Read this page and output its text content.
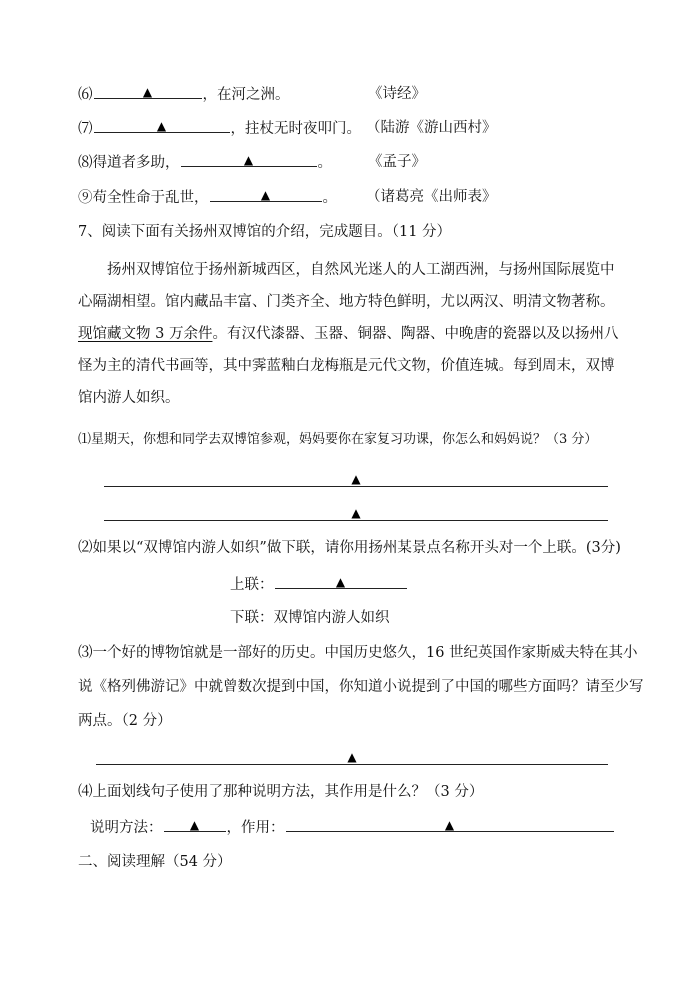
⑹	▲	，在河之洲。	《诗经》
⑺	▲	，拄杖无时夜叩门。 （陆游《游山西村》
⑻得道者多助，	▲	。 《孟子》
⑨苟全性命于乱世，	▲	。 （诸葛亮《出师表》
7、阅读下面有关扬州双博馆的介绍，完成题目。（11 分）
扬州双博馆位于扬州新城西区，自然风光迷人的人工湖西洲，与扬州国际展览中心隔湖相望。馆内藏品丰富、门类齐全、地方特色鲜明，尤以两汉、明清文物著称。现馆藏文物 3 万余件。有汉代漆器、玉器、铜器、陶器、中晚唐的瓷器以及以扬州八怪为主的清代书画等，其中霁蓝釉白龙梅瓶是元代文物，价值连城。每到周末，双博馆内游人如织。
⑴星期天，你想和同学去双博馆参观，妈妈要你在家复习功课，你怎么和妈妈说？（3 分）
▲
▲
⑵如果以“双博馆内游人如织”做下联，请你用扬州某景点名称开头对一个上联。(3分)
上联：	▲
下联：双博馆内游人如织
⑶一个好的博物馆就是一部好的历史。中国历史悠久，16 世纪英国作家斯威夫特在其小
说《格列佛游记》中就曾数次提到中国，你知道小说提到了中国的哪些方面吗？请至少写
两点。（2 分）
▲
⑷上面划线句子使用了那种说明方法，其作用是什么？（3 分）
说明方法： ▲ ，作用：	▲
二、阅读理解（54 分）
